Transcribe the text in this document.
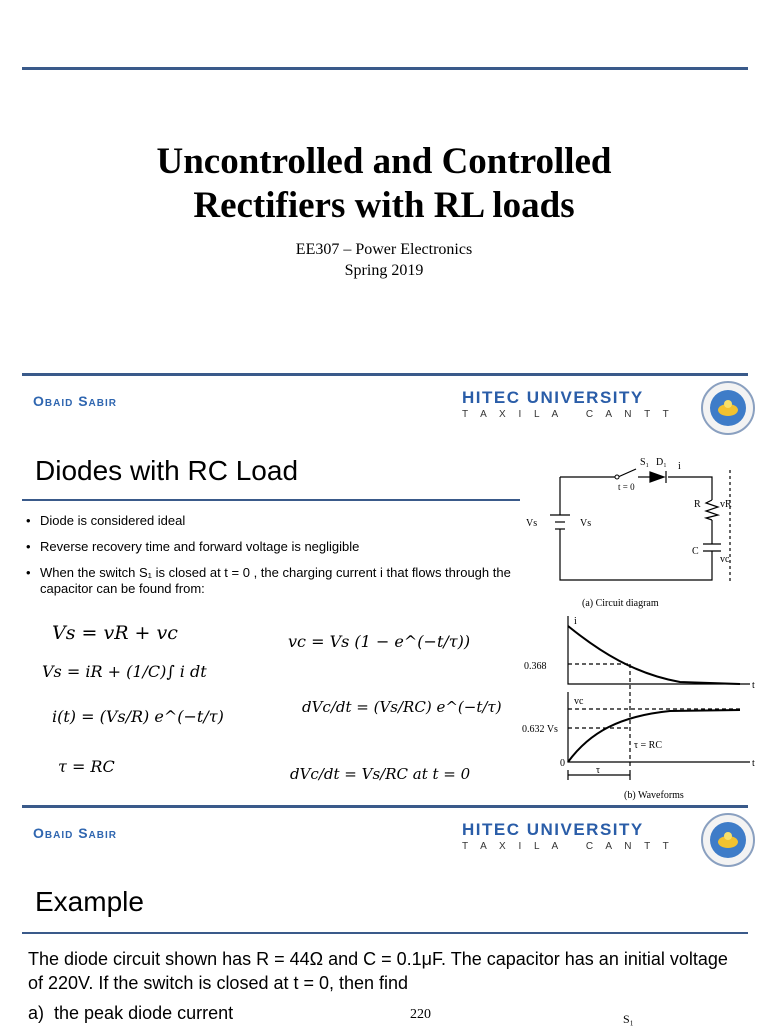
Uncontrolled and Controlled
Rectifiers with RL loads
EE307 – Power Electronics
Spring 2019
Obaid Sabir	HITEC UNIVERSITY
T A X I L A   C A N T T
Diodes with RC Load
• Diode is considered ideal
• Reverse recovery time and forward voltage is negligible
• When the switch S₁ is closed at t = 0 , the charging current i that flows through the capacitor can be found from:
Vs = vR + vc
Vs = iR + (1/C)∫ i dt
i(t) = (Vs/R) e^(−t/τ)
τ = RC
vc = Vs (1 − e^(−t/τ))
dVc/dt = (Vs/RC) e^(−t/τ)
dVc/dt = Vs/RC at t = 0
S₁ D₁ i
t = 0
R vR
C
vc
Vs	Vs
(a) Circuit diagram
t
t
0.368
0.632 Vs
0
τ = RC
τ
i
vc
(b) Waveforms
Obaid Sabir	HITEC UNIVERSITY
T A X I L A   C A N T T
Example
The diode circuit shown has R = 44Ω and C = 0.1μF. The capacitor has an initial voltage of 220V. If the switch is closed at t = 0, then find
a)  the peak diode current	220	S₁
